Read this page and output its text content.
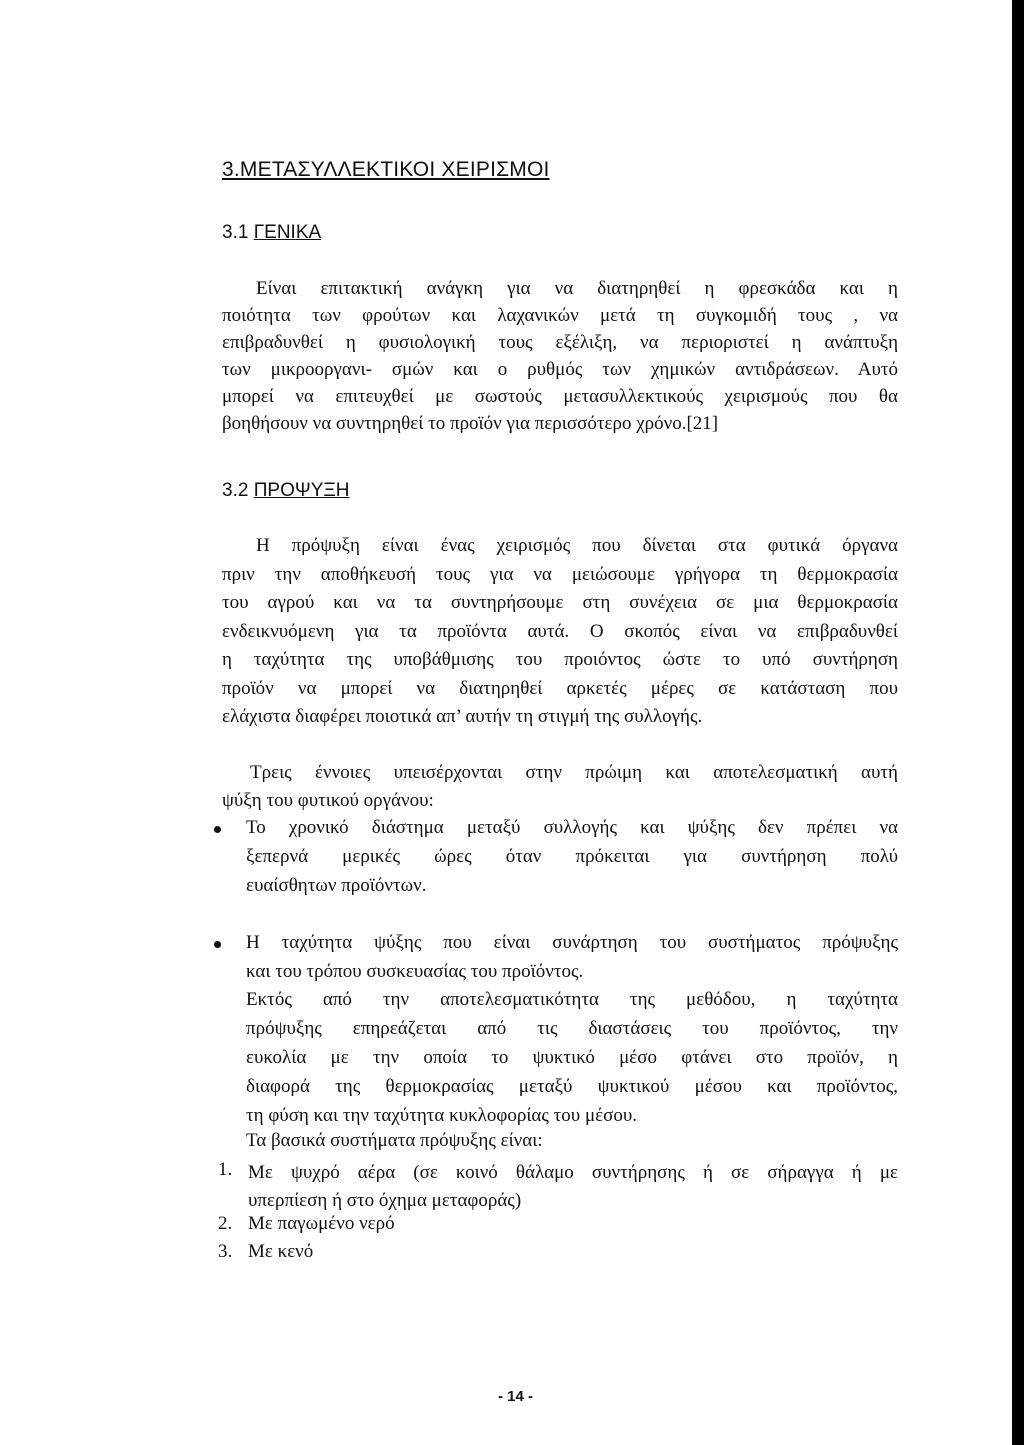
3.ΜΕΤΑΣΥΛΛΕΚΤΙΚΟΙ ΧΕΙΡΙΣΜΟΙ
3.1 ΓΕΝΙΚΑ
Είναι επιτακτική ανάγκη για να διατηρηθεί η φρεσκάδα και η
ποιότητα των φρούτων και λαχανικών μετά τη συγκομιδή τους , να
επιβραδυνθεί η φυσιολογική τους εξέλιξη, να περιοριστεί η ανάπτυξη
των μικροοργανι- σμών και ο ρυθμός των χημικών αντιδράσεων. Αυτό
μπορεί να επιτευχθεί με σωστούς μετασυλλεκτικούς χειρισμούς που θα
βοηθήσουν να συντηρηθεί το προϊόν για περισσότερο χρόνο.[21]
3.2 ΠΡΟΨΥΞΗ
Η πρόψυξη είναι ένας χειρισμός που δίνεται στα φυτικά όργανα
πριν την αποθήκευσή τους για να μειώσουμε γρήγορα τη θερμοκρασία
του αγρού και να τα συντηρήσουμε στη συνέχεια σε μια θερμοκρασία
ενδεικνυόμενη για τα προϊόντα αυτά. Ο σκοπός είναι να επιβραδυνθεί
η ταχύτητα της υποβάθμισης του προιόντος ώστε το υπό συντήρηση
προϊόν να μπορεί να διατηρηθεί αρκετές μέρες σε κατάσταση που
ελάχιστα διαφέρει ποιοτικά απ’ αυτήν τη στιγμή της συλλογής.
Τρεις έννοιες υπεισέρχονται στην πρώιμη και αποτελεσματική αυτή
ψύξη του φυτικού οργάνου:
Το χρονικό διάστημα μεταξύ συλλογής και ψύξης δεν πρέπει να
ξεπερνά μερικές ώρες όταν πρόκειται για συντήρηση πολύ
ευαίσθητων προϊόντων.
Η ταχύτητα ψύξης που είναι συνάρτηση του συστήματος πρόψυξης
και του τρόπου συσκευασίας του προϊόντος.
Εκτός από την αποτελεσματικότητα της μεθόδου, η ταχύτητα
πρόψυξης επηρεάζεται από τις διαστάσεις του προϊόντος, την
ευκολία με την οποία το ψυκτικό μέσο φτάνει στο προϊόν, η
διαφορά της θερμοκρασίας μεταξύ ψυκτικού μέσου και προϊόντος,
τη φύση και την ταχύτητα κυκλοφορίας του μέσου.
Τα βασικά συστήματα πρόψυξης είναι:
1. Με ψυχρό αέρα (σε κοινό θάλαμο συντήρησης ή σε σήραγγα ή με
υπερπίεση ή στο όχημα μεταφοράς)
2. Με παγωμένο νερό
3. Με κενό
- 14 -
